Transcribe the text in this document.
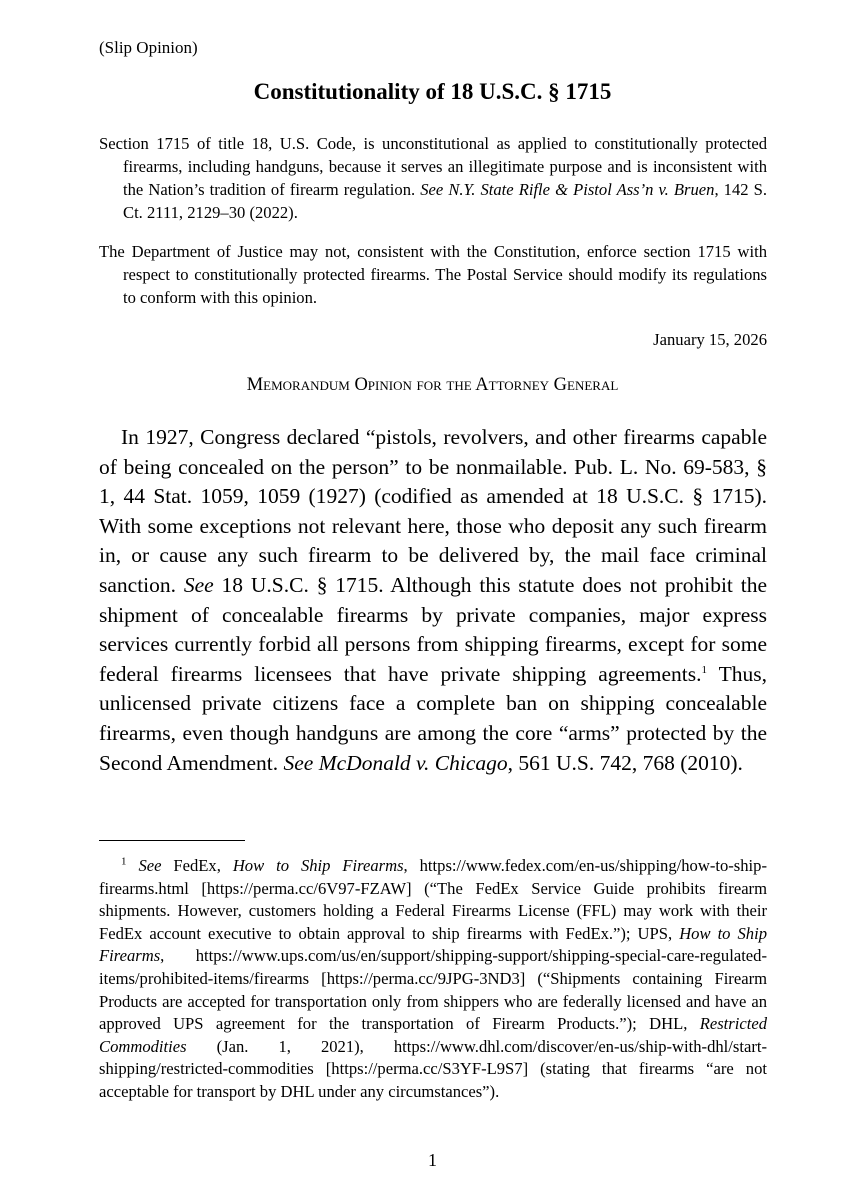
(Slip Opinion)
Constitutionality of 18 U.S.C. § 1715

Section 1715 of title 18, U.S. Code, is unconstitutional as applied to constitutionally protected firearms, including handguns, because it serves an illegitimate purpose and is inconsistent with the Nation’s tradition of firearm regulation. See N.Y. State Rifle & Pistol Ass’n v. Bruen, 142 S. Ct. 2111, 2129–30 (2022).

The Department of Justice may not, consistent with the Constitution, enforce section 1715 with respect to constitutionally protected firearms. The Postal Service should modify its regulations to conform with this opinion.

January 15, 2026
Memorandum Opinion for the Attorney General

In 1927, Congress declared “pistols, revolvers, and other firearms capable of being concealed on the person” to be nonmailable. Pub. L. No. 69-583, § 1, 44 Stat. 1059, 1059 (1927) (codified as amended at 18 U.S.C. § 1715). With some exceptions not relevant here, those who deposit any such firearm in, or cause any such firearm to be delivered by, the mail face criminal sanction. See 18 U.S.C. § 1715. Although this statute does not prohibit the shipment of concealable firearms by private companies, major express services currently forbid all persons from shipping firearms, except for some federal firearms licensees that have private shipping agreements.$^1$ Thus, unlicensed private citizens face a complete ban on shipping concealable firearms, even though handguns are among the core “arms” protected by the Second Amendment. See McDonald v. Chicago, 561 U.S. 742, 768 (2010).

$^1$ See FedEx, How to Ship Firearms, https://www.fedex.com/en-us/shipping/how-to-ship-firearms.html [https://perma.cc/6V97-FZAW] (“The FedEx Service Guide prohibits firearm shipments. However, customers holding a Federal Firearms License (FFL) may work with their FedEx account executive to obtain approval to ship firearms with FedEx.”); UPS, How to Ship Firearms, https://www.ups.com/us/en/support/shipping-support/shipping-special-care-regulated-items/prohibited-items/firearms [https://perma.cc/9JPG-3ND3] (“Shipments containing Firearm Products are accepted for transportation only from shippers who are federally licensed and have an approved UPS agreement for the transportation of Firearm Products.”); DHL, Restricted Commodities (Jan. 1, 2021), https://www.dhl.com/discover/en-us/ship-with-dhl/start-shipping/restricted-commodities [https://perma.cc/S3YF-L9S7] (stating that firearms “are not acceptable for transport by DHL under any circumstances”).

1
